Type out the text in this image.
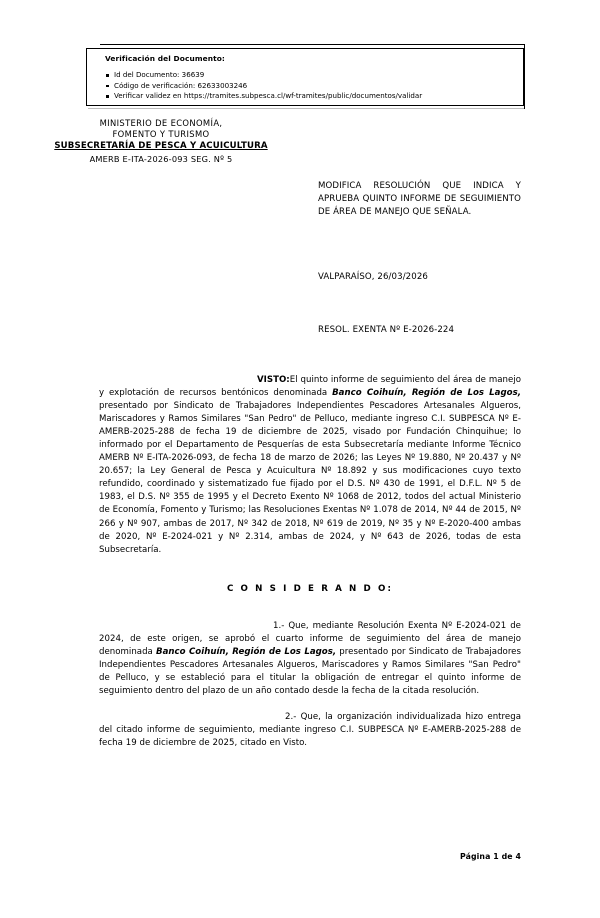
Verificación del Documento:
Id del Documento: 36639
Código de verificación: 62633003246
Verificar validez en https://tramites.subpesca.cl/wf-tramites/public/documentos/validar
MINISTERIO DE ECONOMÍA,
FOMENTO Y TURISMO
SUBSECRETARÍA DE PESCA Y ACUICULTURA
AMERB E-ITA-2026-093 SEG. Nº 5
MODIFICA RESOLUCIÓN QUE INDICA Y APRUEBA QUINTO INFORME DE SEGUIMIENTO DE ÁREA DE MANEJO QUE SEÑALA.
VALPARAÍSO, 26/03/2026
RESOL. EXENTA Nº E-2026-224

VISTO:El quinto informe de seguimiento del área de manejo y explotación de recursos bentónicos denominada Banco Coihuín, Región de Los Lagos, presentado por Sindicato de Trabajadores Independientes Pescadores Artesanales Algueros, Mariscadores y Ramos Similares "San Pedro" de Pelluco, mediante ingreso C.I. SUBPESCA Nº E-AMERB-2025-288 de fecha 19 de diciembre de 2025, visado por Fundación Chinquihue; lo informado por el Departamento de Pesquerías de esta Subsecretaría mediante Informe Técnico AMERB Nº E-ITA-2026-093, de fecha 18 de marzo de 2026; las Leyes Nº 19.880, Nº 20.437 y Nº 20.657; la Ley General de Pesca y Acuicultura Nº 18.892 y sus modificaciones cuyo texto refundido, coordinado y sistematizado fue fijado por el D.S. Nº 430 de 1991, el D.F.L. Nº 5 de 1983, el D.S. Nº 355 de 1995 y el Decreto Exento Nº 1068 de 2012, todos del actual Ministerio de Economía, Fomento y Turismo; las Resoluciones Exentas Nº 1.078 de 2014, Nº 44 de 2015, Nº 266 y Nº 907, ambas de 2017, Nº 342 de 2018, Nº 619 de 2019, Nº 35 y Nº E-2020-400 ambas de 2020, Nº E-2024-021 y Nº 2.314, ambas de 2024, y Nº 643 de 2026, todas de esta Subsecretaría.

C O N S I D E R A N D O:

1.- Que, mediante Resolución Exenta Nº E-2024-021 de 2024, de este origen, se aprobó el cuarto informe de seguimiento del área de manejo denominada Banco Coihuín, Región de Los Lagos, presentado por Sindicato de Trabajadores Independientes Pescadores Artesanales Algueros, Mariscadores y Ramos Similares "San Pedro" de Pelluco, y se estableció para el titular la obligación de entregar el quinto informe de seguimiento dentro del plazo de un año contado desde la fecha de la citada resolución.

2.- Que, la organización individualizada hizo entrega del citado informe de seguimiento, mediante ingreso C.I. SUBPESCA Nº E-AMERB-2025-288 de fecha 19 de diciembre de 2025, citado en Visto.

Página 1 de 4
